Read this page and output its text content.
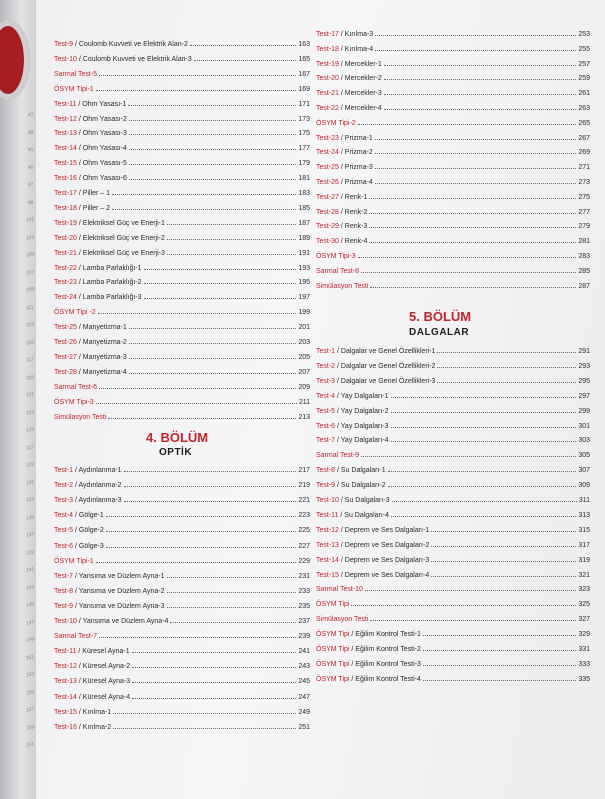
67
89
91
95
97
99
101
103
105
107
109
111
113
115
117
119
121
123
125
127
129
131
133
135
137
139
141
143
145
147
149
151
153
155
157
159
161
Test-9 / Coulomb Kuvveti ve Elektrik Alan-2	163
Test-10 / Coulomb Kuvveti ve Elektrik Alan-3	165
Sarmal Test-5	167
ÖSYM Tipi-1	169
Test-11 / Ohm Yasası-1	171
Test-12 / Ohm Yasası-2	173
Test-13 / Ohm Yasası-3	175
Test-14 / Ohm Yasası-4	177
Test-15 / Ohm Yasası-5	179
Test-16 / Ohm Yasası-6	181
Test-17 / Piller – 1	183
Test-18 / Piller – 2	185
Test-19 / Elektriksel Güç ve Enerji-1	187
Test-20 / Elektriksel Güç ve Enerji-2	189
Test-21 / Elektriksel Güç ve Enerji-3	191
Test-22 / Lamba Parlaklığı-1	193
Test-23 / Lamba Parlaklığı-2	195
Test-24 / Lamba Parlaklığı-3	197
ÖSYM Tipi -2	199
Test-25 / Manyetizma-1	201
Test-26 / Manyetizma-2	203
Test-27 / Manyetizma-3	205
Test-28 / Manyetizma-4	207
Sarmal Test-6	209
ÖSYM Tipi-3	211
Simülasyon Testi	213
4. BÖLÜM
OPTİK
Test-1 / Aydınlanma-1	217
Test-2 / Aydınlanma-2	219
Test-3 / Aydınlanma-3	221
Test-4 / Gölge-1	223
Test-5 / Gölge-2	225
Test-6 / Gölge-3	227
ÖSYM Tipi-1	229
Test-7 / Yansıma ve Düzlem Ayna-1	231
Test-8 / Yansıma ve Düzlem Ayna-2	233
Test-9 / Yansıma ve Düzlem Ayna-3	235
Test-10 / Yansıma ve Düzlem Ayna-4	237
Sarmal Test-7	239
Test-11 / Küresel Ayna-1	241
Test-12 / Küresel Ayna-2	243
Test-13 / Küresel Ayna-3	245
Test-14 / Küresel Ayna-4	247
Test-15 / Kırılma-1	249
Test-16 / Kırılma-2	251
Test-17 / Kırılma-3	253
Test-18 / Kırılma-4	255
Test-19 / Mercekler-1	257
Test-20 / Mercekler-2	259
Test-21 / Mercekler-3	261
Test-22 / Mercekler-4	263
ÖSYM Tipi-2	265
Test-23 / Prizma-1	267
Test-24 / Prizma-2	269
Test-25 / Prizma-3	271
Test-26 / Prizma-4	273
Test-27 / Renk-1	275
Test-28 / Renk-2	277
Test-29 / Renk-3	279
Test-30 / Renk-4	281
ÖSYM Tipi-3	283
Sarmal Test-8	285
Simülasyon Testi	287
5. BÖLÜM
DALGALAR
Test-1 / Dalgalar ve Genel Özellikleri-1	291
Test-2 / Dalgalar ve Genel Özellikleri-2	293
Test-3 / Dalgalar ve Genel Özellikleri-3	295
Test-4 / Yay Dalgaları-1	297
Test-5 / Yay Dalgaları-2	299
Test-6 / Yay Dalgaları-3	301
Test-7 / Yay Dalgaları-4	303
Sarmal Test-9	305
Test-8 / Su Dalgaları-1	307
Test-9 / Su Dalgaları-2	309
Test-10 / Su Dalgaları-3	311
Test-11 / Su Dalgaları-4	313
Test-12 / Deprem ve Ses Dalgaları-1	315
Test-13 / Deprem ve Ses Dalgaları-2	317
Test-14 / Deprem ve Ses Dalgaları-3	319
Test-15 / Deprem ve Ses Dalgaları-4	321
Sarmal Test-10	323
ÖSYM Tipi	325
Simülasyon Testi	327
ÖSYM Tipi / Eğilim Kontrol Testi-1	329
ÖSYM Tipi / Eğilim Kontrol Testi-2	331
ÖSYM Tipi / Eğilim Kontrol Testi-3	333
ÖSYM Tipi / Eğilim Kontrol Testi-4	335
